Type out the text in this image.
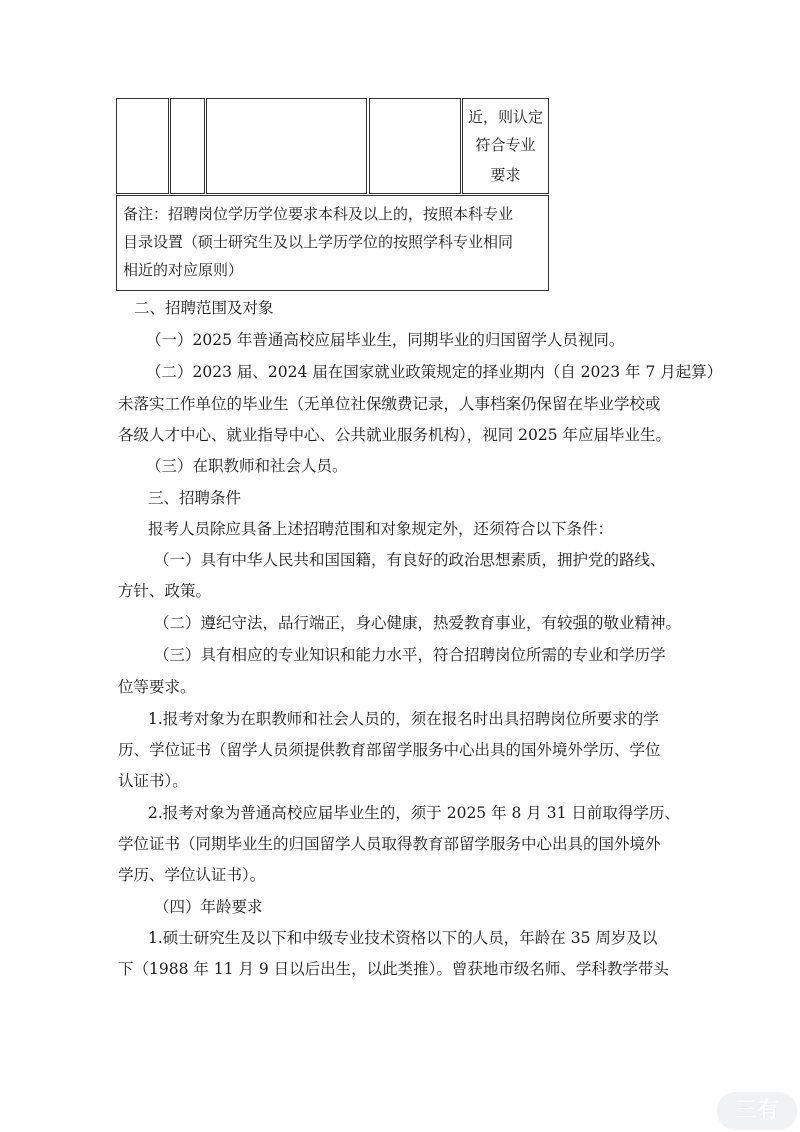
近，则认定
符合专业
要求
备注：招聘岗位学历学位要求本科及以上的，按照本科专业
目录设置（硕士研究生及以上学历学位的按照学科专业相同
相近的对应原则）
二、招聘范围及对象
（一）2025 年普通高校应届毕业生，同期毕业的归国留学人员视同。
（二）2023 届、2024 届在国家就业政策规定的择业期内（自 2023 年 7 月起算）
未落实工作单位的毕业生（无单位社保缴费记录，人事档案仍保留在毕业学校或
各级人才中心、就业指导中心、公共就业服务机构），视同 2025 年应届毕业生。
（三）在职教师和社会人员。
三、招聘条件
报考人员除应具备上述招聘范围和对象规定外，还须符合以下条件：
（一）具有中华人民共和国国籍，有良好的政治思想素质，拥护党的路线、
方针、政策。
（二）遵纪守法，品行端正，身心健康，热爱教育事业，有较强的敬业精神。
（三）具有相应的专业知识和能力水平，符合招聘岗位所需的专业和学历学
位等要求。
1.报考对象为在职教师和社会人员的，须在报名时出具招聘岗位所要求的学
历、学位证书（留学人员须提供教育部留学服务中心出具的国外境外学历、学位
认证书）。
2.报考对象为普通高校应届毕业生的，须于 2025 年 8 月 31 日前取得学历、
学位证书（同期毕业生的归国留学人员取得教育部留学服务中心出具的国外境外
学历、学位认证书）。
（四）年龄要求
1.硕士研究生及以下和中级专业技术资格以下的人员，年龄在 35 周岁及以
下（1988 年 11 月 9 日以后出生，以此类推）。曾获地市级名师、学科教学带头
三有
